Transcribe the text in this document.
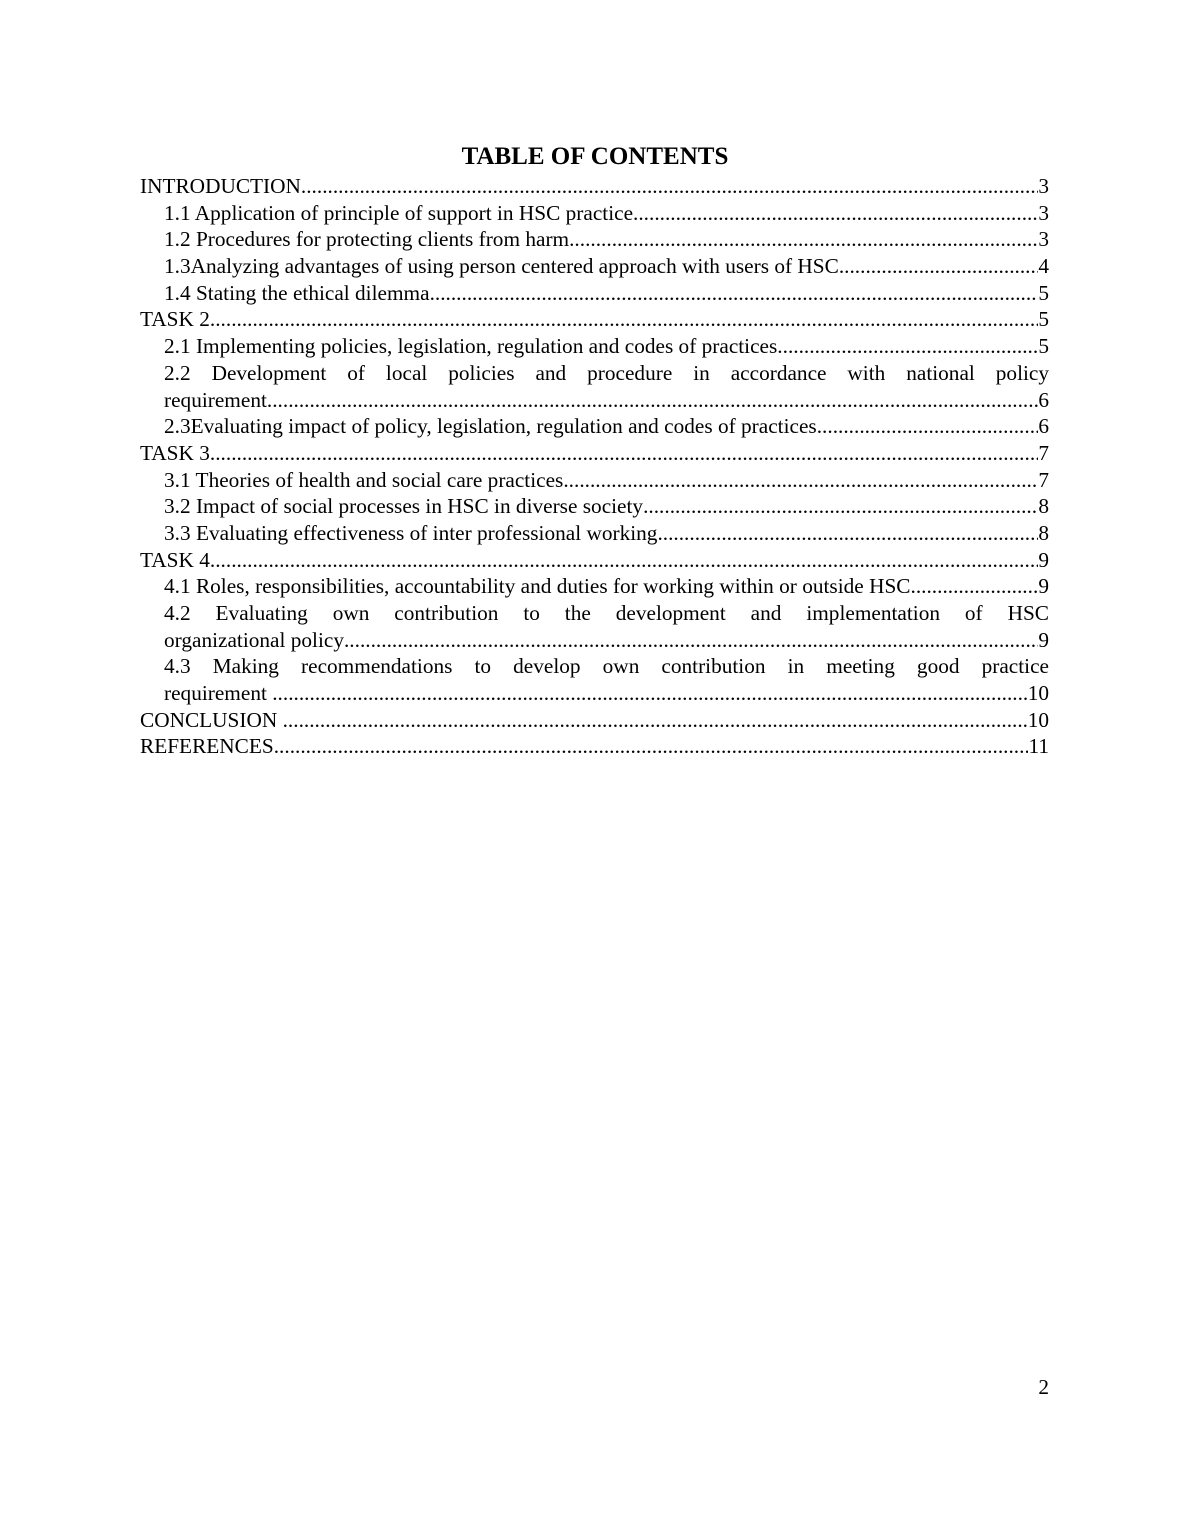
TABLE OF CONTENTS
INTRODUCTION .....	3
1.1 Application of principle of support in HSC practice .....	3
1.2 Procedures for protecting clients from harm .....	3
1.3Analyzing advantages of using person centered approach with users of HSC .....	4
1.4 Stating the ethical dilemma .....	5
TASK 2 .....	5
2.1 Implementing policies, legislation, regulation and codes of practices .....	5
2.2 Development of local policies and procedure in accordance with national policy
requirement .....	6
2.3Evaluating impact of policy, legislation, regulation and codes of practices .....	6
TASK 3 .....	7
3.1 Theories of health and social care practices .....	7
3.2 Impact of social processes in HSC in diverse society .....	8
3.3 Evaluating effectiveness of inter professional working .....	8
TASK 4 .....	9
4.1 Roles, responsibilities, accountability and duties for working within or outside HSC .....	9
4.2 Evaluating own contribution to the development and implementation of HSC
organizational policy .....	9
4.3 Making recommendations to develop own contribution in meeting good practice
requirement .....	10
CONCLUSION .....	10
REFERENCES .....	11
2
